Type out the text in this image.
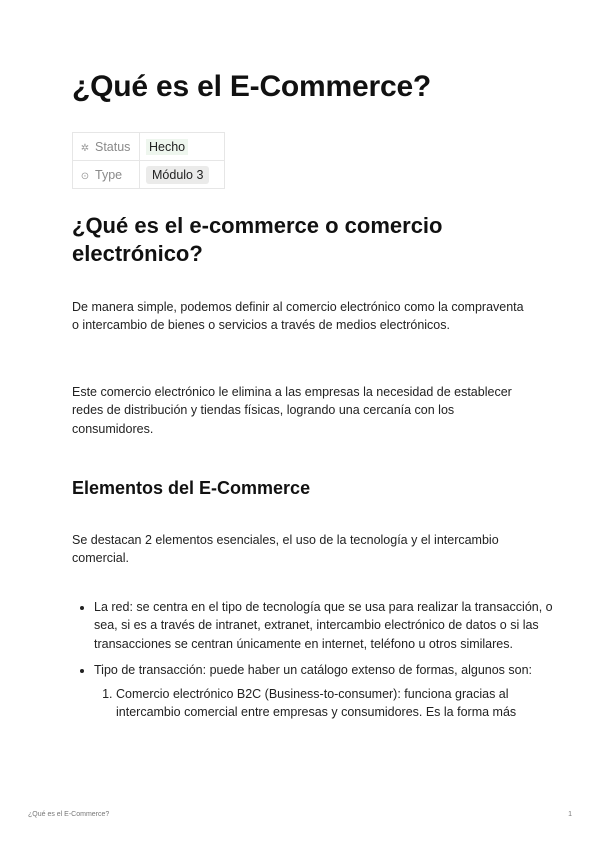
¿Qué es el E-Commerce?
✲ Status	Hecho
⊙ Type	Módulo 3
¿Qué es el e-commerce o comercio electrónico?

De manera simple, podemos definir al comercio electrónico como la compraventa o intercambio de bienes o servicios a través de medios electrónicos.

Este comercio electrónico le elimina a las empresas la necesidad de establecer redes de distribución y tiendas físicas, logrando una cercanía con los consumidores.

Elementos del E-Commerce

Se destacan 2 elementos esenciales, el uso de la tecnología y el intercambio comercial.

• La red: se centra en el tipo de tecnología que se usa para realizar la transacción, o sea, si es a través de intranet, extranet, intercambio electrónico de datos o si las transacciones se centran únicamente en internet, teléfono u otros similares.
• Tipo de transacción: puede haber un catálogo extenso de formas, algunos son:
1. Comercio electrónico B2C (Business-to-consumer): funciona gracias al intercambio comercial entre empresas y consumidores. Es la forma más
¿Qué es el E-Commerce?	1
